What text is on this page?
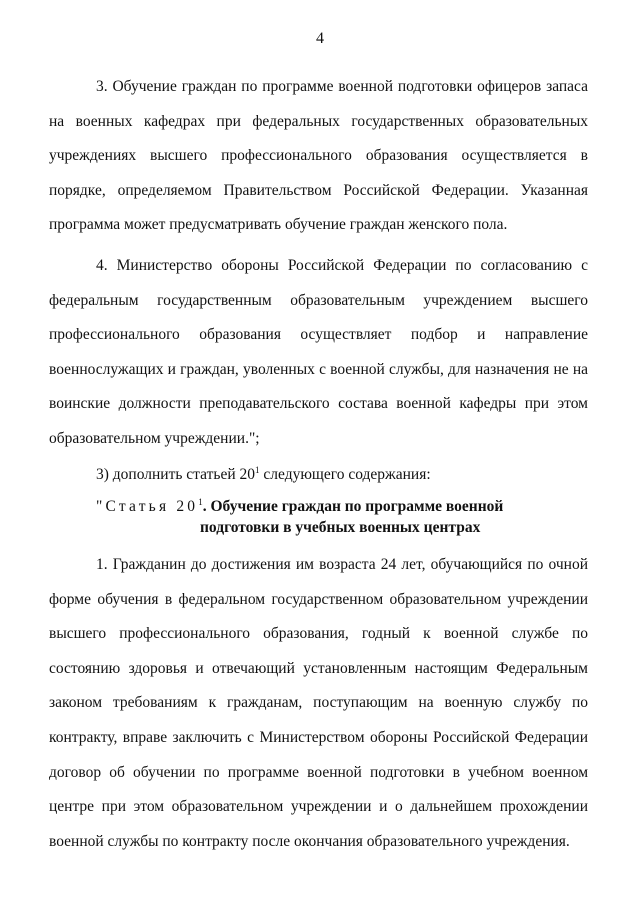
4

3. Обучение граждан по программе военной подготовки офицеров запаса на военных кафедрах при федеральных государственных образовательных учреждениях высшего профессионального образования осуществляется в порядке, определяемом Правительством Российской Федерации. Указанная программа может предусматривать обучение граждан женского пола.

4. Министерство обороны Российской Федерации по согласованию с федеральным государственным образовательным учреждением высшего профессионального образования осуществляет подбор и направление военнослужащих и граждан, уволенных с военной службы, для назначения не на воинские должности преподавательского состава военной кафедры при этом образовательном учреждении.";

3) дополнить статьей $20^1$ следующего содержания:

"Статья $20^1$. Обучение граждан по программе военной
подготовки в учебных военных центрах

1. Гражданин до достижения им возраста 24 лет, обучающийся по очной форме обучения в федеральном государственном образовательном учреждении высшего профессионального образования, годный к военной службе по состоянию здоровья и отвечающий установленным настоящим Федеральным законом требованиям к гражданам, поступающим на военную службу по контракту, вправе заключить с Министерством обороны Российской Федерации договор об обучении по программе военной подготовки в учебном военном центре при этом образовательном учреждении и о дальнейшем прохождении военной службы по контракту после окончания образовательного учреждения.
